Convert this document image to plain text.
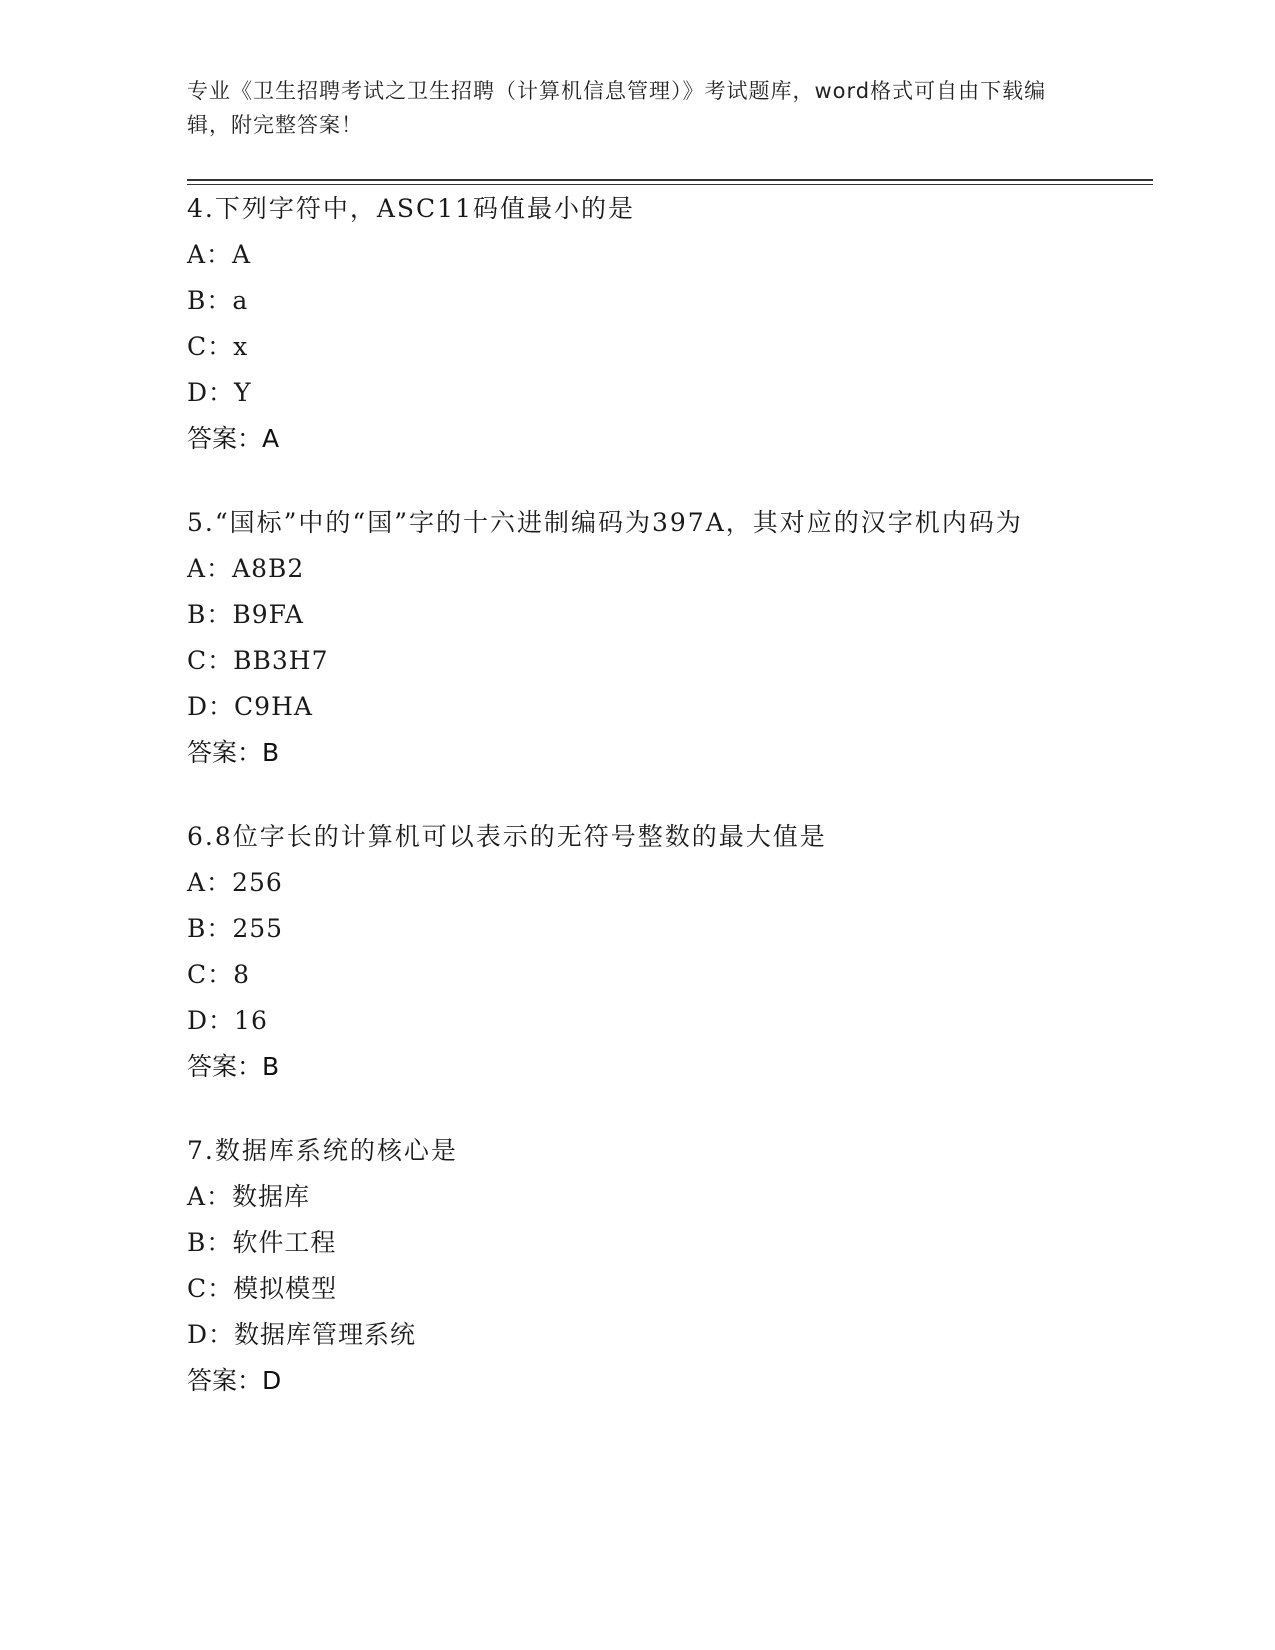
专业《卫生招聘考试之卫生招聘（计算机信息管理）》考试题库，word格式可自由下载编辑，附完整答案！

4.下列字符中，ASC11码值最小的是

A：A

B：a

C：x

D：Y

答案：A

5.“国标”中的“国”字的十六进制编码为397A，其对应的汉字机内码为

A：A8B2

B：B9FA

C：BB3H7

D：C9HA

答案：B

6.8位字长的计算机可以表示的无符号整数的最大值是

A：256

B：255

C：8

D：16

答案：B

7.数据库系统的核心是

A：数据库

B：软件工程

C：模拟模型

D：数据库管理系统

答案：D
